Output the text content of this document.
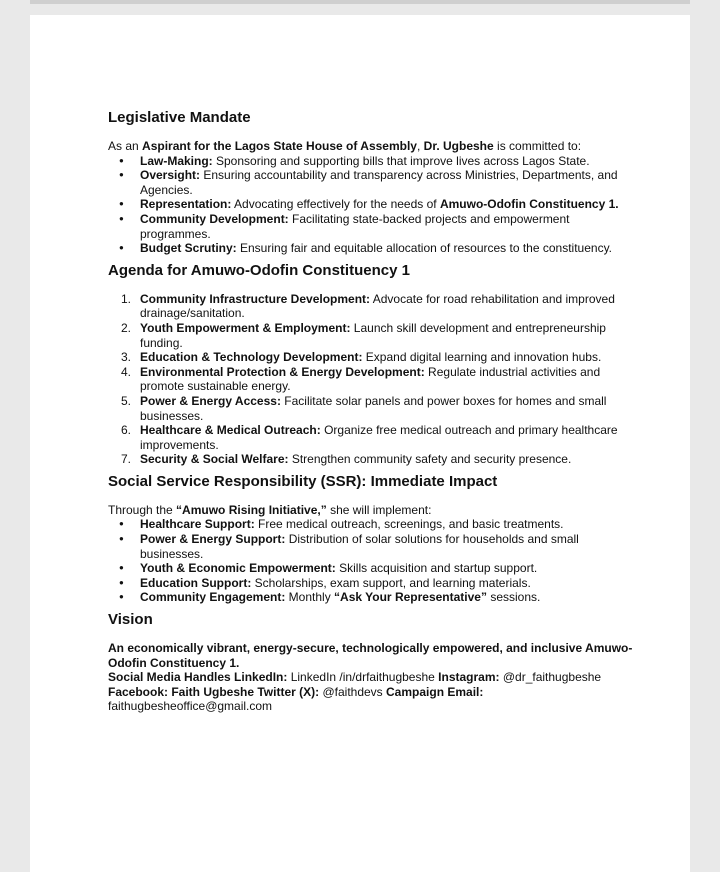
Legislative Mandate

As an Aspirant for the Lagos State House of Assembly, Dr. Ugbeshe is committed to:

● Law-Making: Sponsoring and supporting bills that improve lives across Lagos State.
● Oversight: Ensuring accountability and transparency across Ministries, Departments, and Agencies.
● Representation: Advocating effectively for the needs of Amuwo-Odofin Constituency 1.
● Community Development: Facilitating state-backed projects and empowerment programmes.
● Budget Scrutiny: Ensuring fair and equitable allocation of resources to the constituency.
Agenda for Amuwo-Odofin Constituency 1
1. Community Infrastructure Development: Advocate for road rehabilitation and improved drainage/sanitation.
2. Youth Empowerment & Employment: Launch skill development and entrepreneurship funding.
3. Education & Technology Development: Expand digital learning and innovation hubs.
4. Environmental Protection & Energy Development: Regulate industrial activities and promote sustainable energy.
5. Power & Energy Access: Facilitate solar panels and power boxes for homes and small businesses.
6. Healthcare & Medical Outreach: Organize free medical outreach and primary healthcare improvements.
7. Security & Social Welfare: Strengthen community safety and security presence.
Social Service Responsibility (SSR): Immediate Impact

Through the “Amuwo Rising Initiative,” she will implement:

● Healthcare Support: Free medical outreach, screenings, and basic treatments.
● Power & Energy Support: Distribution of solar solutions for households and small businesses.
● Youth & Economic Empowerment: Skills acquisition and startup support.
● Education Support: Scholarships, exam support, and learning materials.
● Community Engagement: Monthly “Ask Your Representative” sessions.
Vision

An economically vibrant, energy-secure, technologically empowered, and inclusive Amuwo-Odofin Constituency 1.

Social Media Handles LinkedIn: LinkedIn /in/drfaithugbeshe Instagram: @dr_faithugbeshe
Facebook: Faith Ugbeshe Twitter (X): @faithdevs Campaign Email:
faithugbesheoffice@gmail.com
